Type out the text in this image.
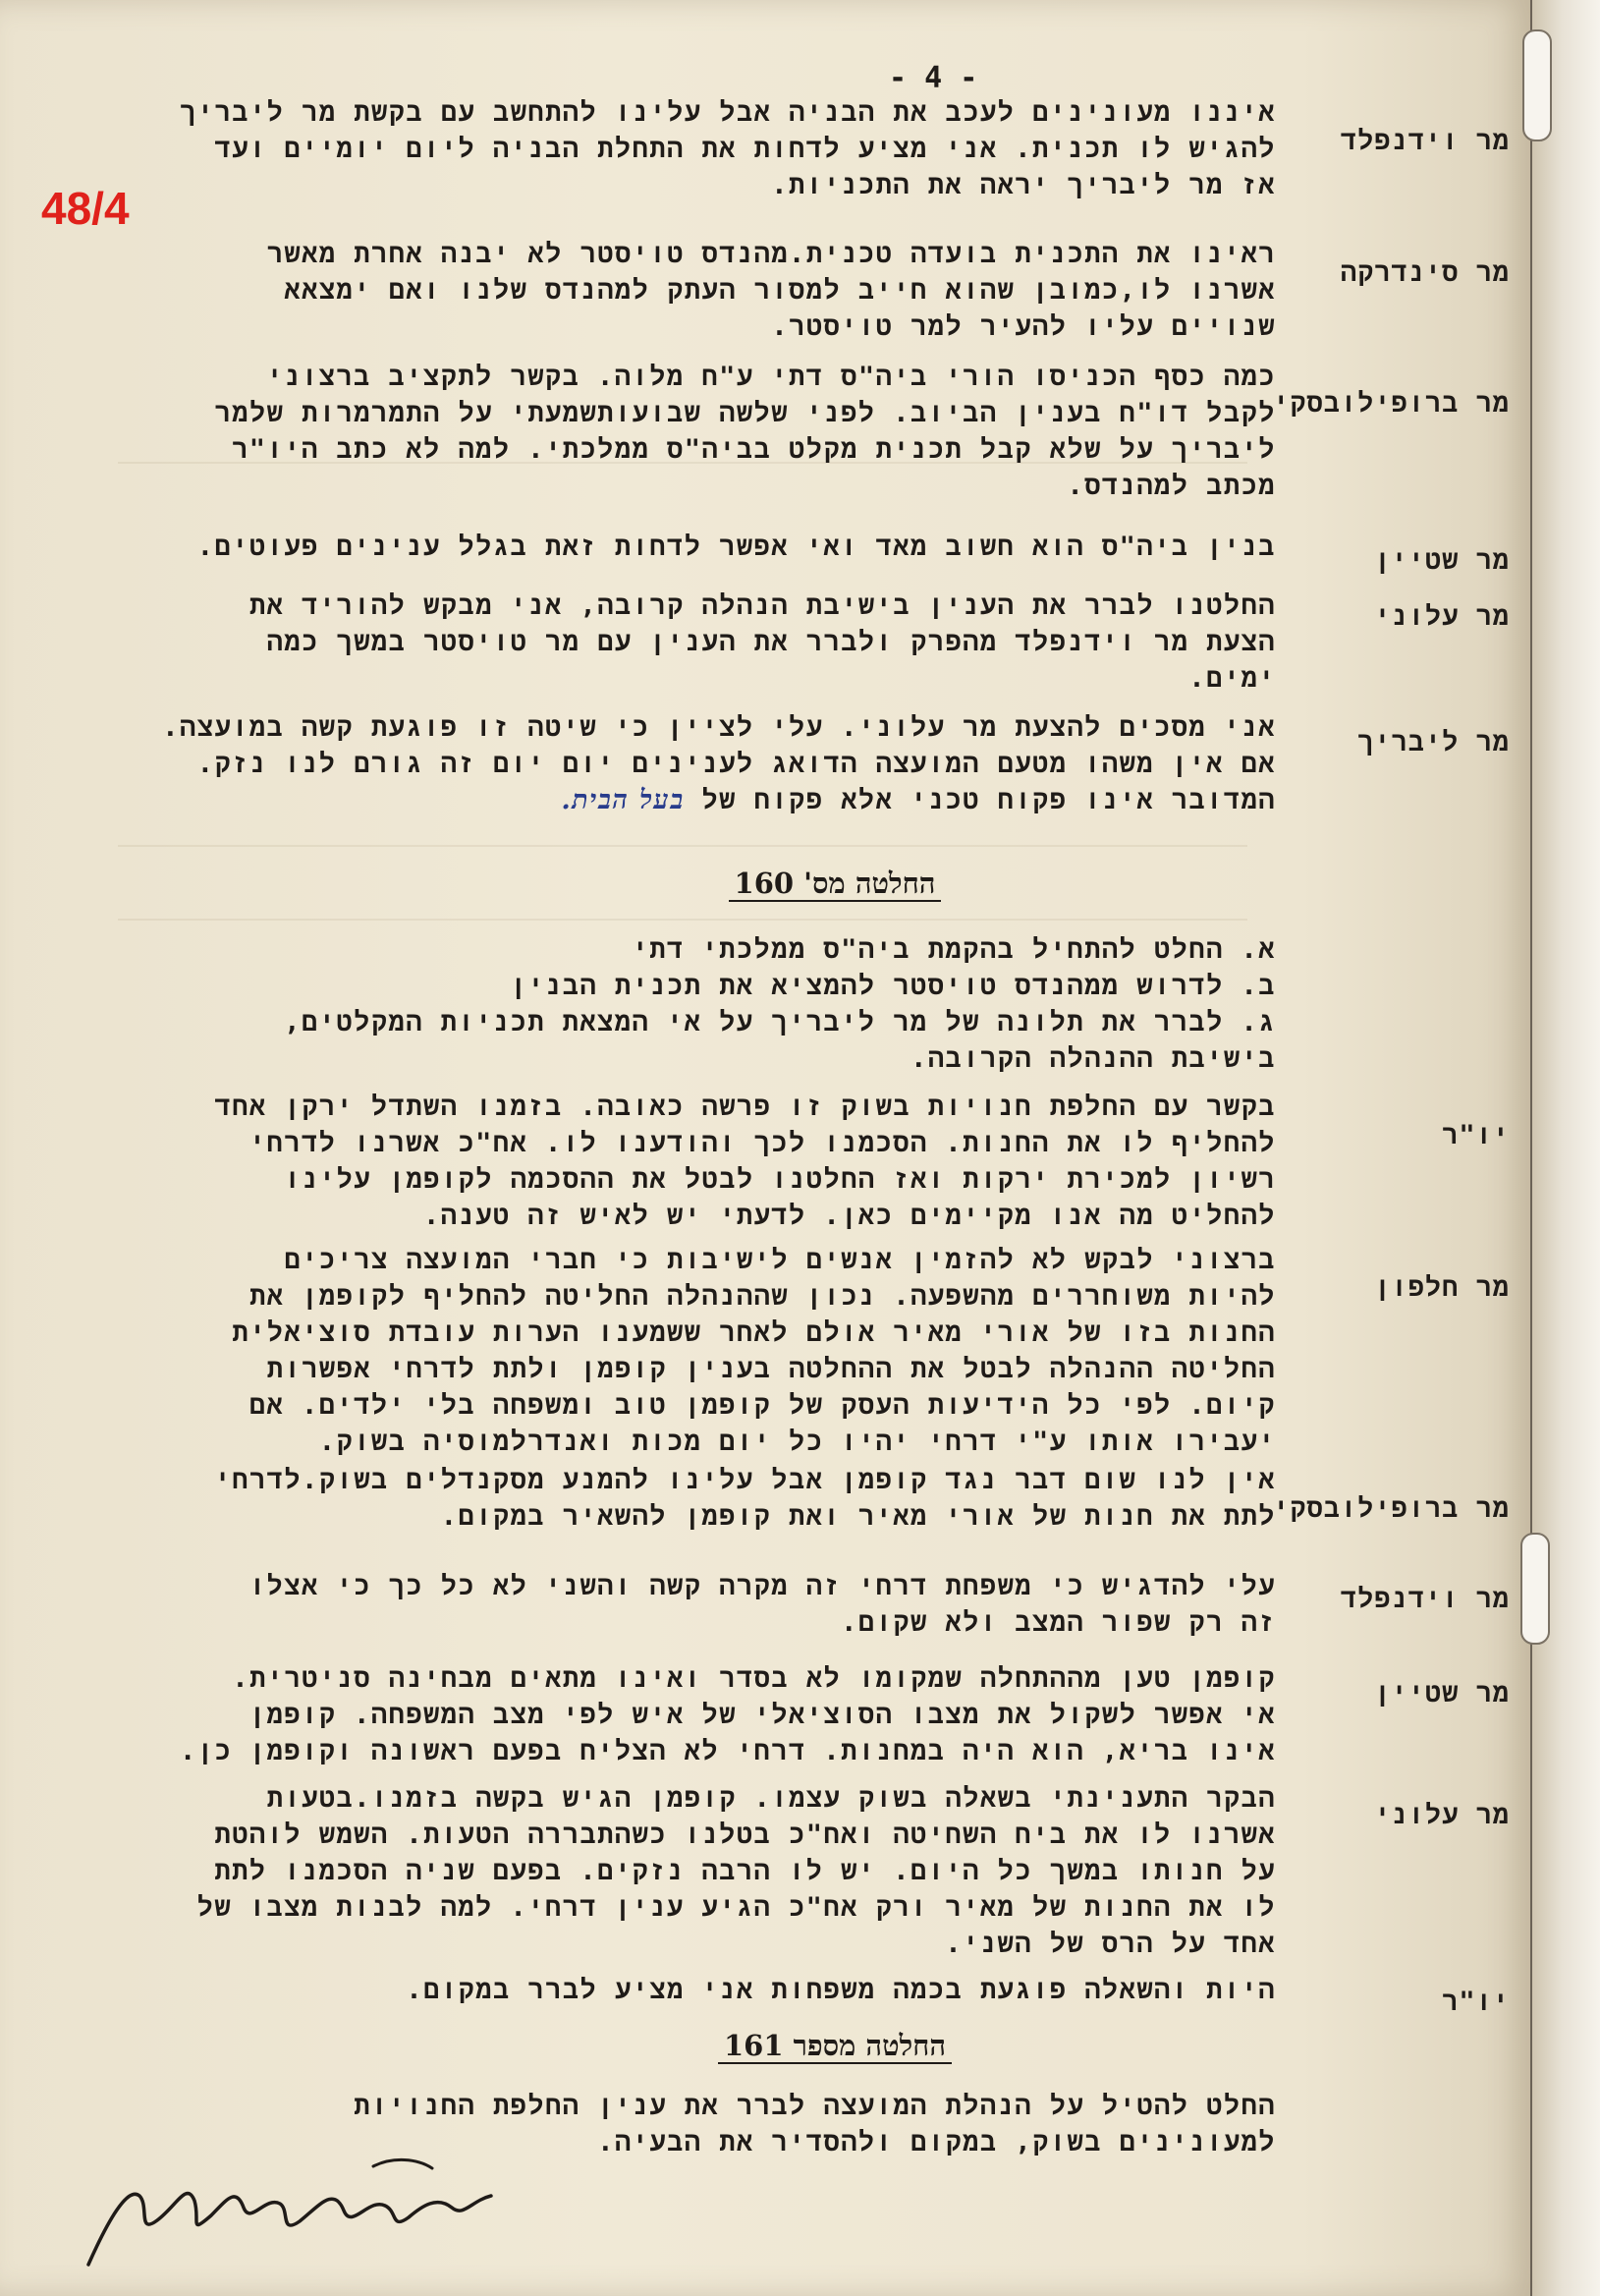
- 4 -
48/4
מר וידנפלד
איננו מעונינים לעכב את הבניה אבל עלינו להתחשב עם בקשת מר ליבריך
להגיש לו תכנית. אני מציע לדחות את התחלת הבניה ליום יומיים ועד
אז מר ליבריך יראה את התכניות.
מר סינדרקה
ראינו את התכנית בועדה טכנית.מהנדס טויסטר לא יבנה אחרת מאשר
אשרנו לו,כמובן שהוא חייב למסור העתק למהנדס שלנו ואם ימצאא
שנויים עליו להעיר למר טויסטר.
מר ברופילובסקי
כמה כסף הכניסו הורי ביה"ס דתי ע"ח מלוה. בקשר לתקציב ברצוני
לקבל דו"ח בענין הביוב. לפני שלשה שבועותשמעתי על התמרמרות שלמר
ליבריך על שלא קבל תכנית מקלט בביה"ס ממלכתי. למה לא כתב היו"ר
מכתב למהנדס.
מר שטיין
בנין ביה"ס הוא חשוב מאד ואי אפשר לדחות זאת בגלל ענינים פעוטים.
מר עלוני
החלטנו לברר את הענין בישיבת הנהלה קרובה, אני מבקש להוריד את
הצעת מר וידנפלד מהפרק ולברר את הענין עם מר טויסטר במשך כמה
ימים.
מר ליבריך
אני מסכים להצעת מר עלוני. עלי לציין כי שיטה זו פוגעת קשה במועצה.
אם אין משהו מטעם המועצה הדואג לענינים יום יום זה גורם לנו נזק.
המדובר אינו פקוח טכני אלא פקוח של בעל הבית.
החלטה מס' 160
א. החלט להתחיל בהקמת ביה"ס ממלכתי דתי
ב. לדרוש ממהנדס טויסטר להמציא את תכנית הבנין
ג. לברר את תלונה של מר ליבריך על אי המצאת תכניות המקלטים,
בישיבת ההנהלה הקרובה.
יו"ר
בקשר עם החלפת חנויות בשוק זו פרשה כאובה. בזמנו השתדל ירקן אחד
להחליף לו את החנות. הסכמנו לכך והודענו לו. אח"כ אשרנו לדרחי
רשיון למכירת ירקות ואז החלטנו לבטל את ההסכמה לקופמן עלינו
להחליט מה אנו מקיימים כאן. לדעתי יש לאיש זה טענה.
מר חלפון
ברצוני לבקש לא להזמין אנשים לישיבות כי חברי המועצה צריכים
להיות משוחררים מהשפעה. נכון שההנהלה החליטה להחליף לקופמן את
החנות בזו של אורי מאיר אולם לאחר ששמענו הערות עובדת סוציאלית
החליטה ההנהלה לבטל את ההחלטה בענין קופמן ולתת לדרחי אפשרות
קיום. לפי כל הידיעות העסק של קופמן טוב ומשפחה בלי ילדים. אם
יעבירו אותו ע"י דרחי יהיו כל יום מכות ואנדרלמוסיה בשוק.
מר ברופילובסקי
אין לנו שום דבר נגד קופמן אבל עלינו להמנע מסקנדלים בשוק.לדרחי
לתת את חנות של אורי מאיר ואת קופמן להשאיר במקום.
מר וידנפלד
עלי להדגיש כי משפחת דרחי זה מקרה קשה והשני לא כל כך כי אצלו
זה רק שפור המצב ולא שקום.
מר שטיין
קופמן טען מההתחלה שמקומו לא בסדר ואינו מתאים מבחינה סניטרית.
אי אפשר לשקול את מצבו הסוציאלי של איש לפי מצב המשפחה. קופמן
אינו בריא, הוא היה במחנות. דרחי לא הצליח בפעם ראשונה וקופמן כן.
מר עלוני
הבקר התענינתי בשאלה בשוק עצמו. קופמן הגיש בקשה בזמנו.בטעות
אשרנו לו את ביח השחיטה ואח"כ בטלנו כשהתבררה הטעות. השמש לוהטת
על חנותו במשך כל היום. יש לו הרבה נזקים. בפעם שניה הסכמנו לתת
לו את החנות של מאיר ורק אח"כ הגיע ענין דרחי. למה לבנות מצבו של
אחד על הרס של השני.
יו"ר
היות והשאלה פוגעת בכמה משפחות אני מציע לברר במקום.
החלטה מספר 161
החלט להטיל על הנהלת המועצה לברר את ענין החלפת החנויות
למעונינים בשוק, במקום ולהסדיר את הבעיה.
